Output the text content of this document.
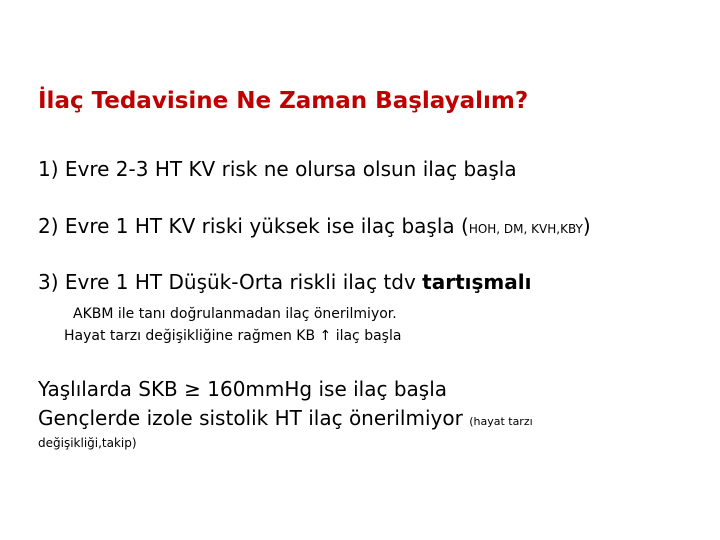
İlaç Tedavisine Ne Zaman Başlayalım?
1) Evre 2-3 HT KV risk ne olursa olsun ilaç başla
2) Evre 1 HT KV riski yüksek ise ilaç başla (HOH, DM, KVH,KBY)
3) Evre 1 HT Düşük-Orta riskli ilaç tdv tartışmalı
AKBM ile tanı doğrulanmadan ilaç önerilmiyor.
Hayat tarzı değişikliğine rağmen KB ↑ ilaç başla
Yaşlılarda SKB ≥ 160mmHg ise ilaç başla
Gençlerde izole sistolik HT ilaç önerilmiyor (hayat tarzı
değişikliği,takip)
